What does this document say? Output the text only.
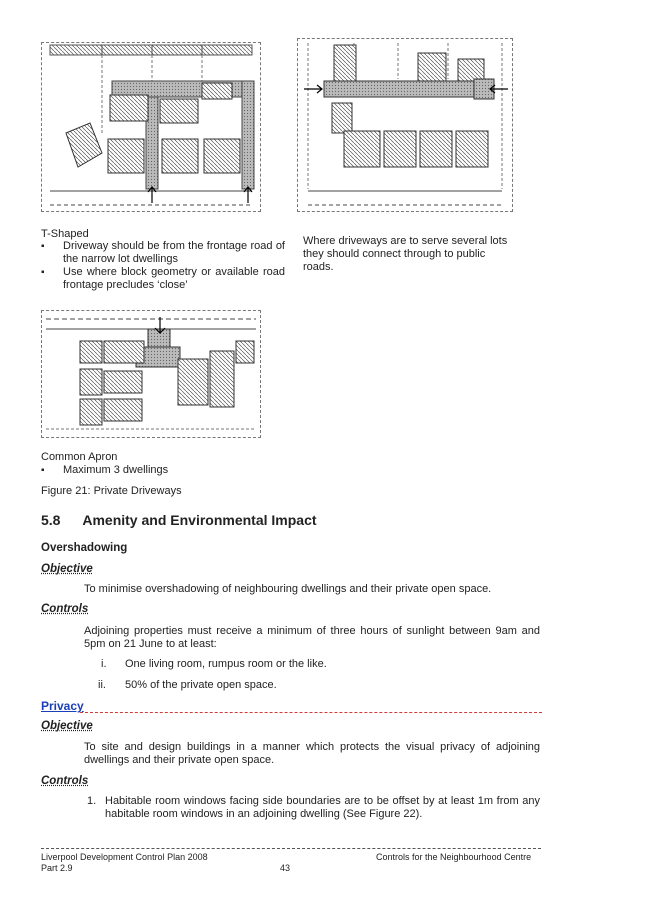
T-Shaped
▪ Driveway should be from the frontage road of the narrow lot dwellings
▪ Use where block geometry or available road frontage precludes ‘close’
Where driveways are to serve several lots they should connect through to public roads.
Common Apron
▪ Maximum 3 dwellings
Figure 21: Private Driveways
5.8 Amenity and Environmental Impact
Overshadowing
Objective
To minimise overshadowing of neighbouring dwellings and their private open space.
Controls
Adjoining properties must receive a minimum of three hours of sunlight between 9am and 5pm on 21 June to at least:
i. One living room, rumpus room or the like.
ii. 50% of the private open space.
Privacy
Objective
To site and design buildings in a manner which protects the visual privacy of adjoining dwellings and their private open space.
Controls
1. Habitable room windows facing side boundaries are to be offset by at least 1m from any habitable room windows in an adjoining dwelling (See Figure 22).
Liverpool Development Control Plan 2008
Part 2.9	43
Controls for the Neighbourhood Centre
